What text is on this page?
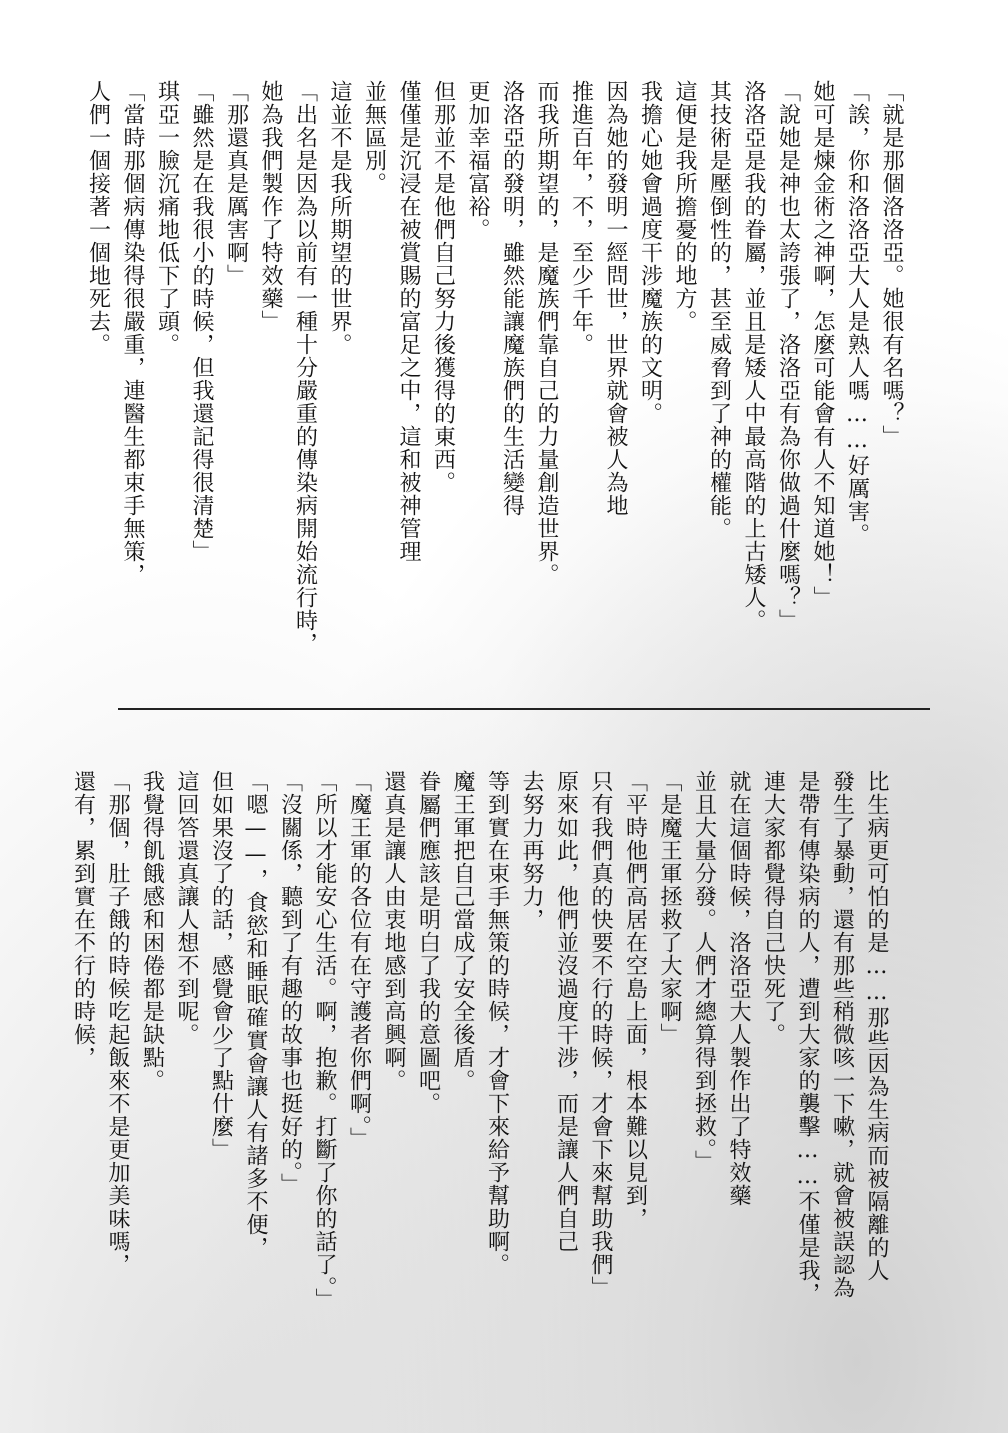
「就是那個洛洛亞。她很有名嗎？」
「誒，你和洛洛亞大人是熟人嗎……好厲害。
她可是煉金術之神啊，怎麼可能會有人不知道她！」
「說她是神也太誇張了，洛洛亞有為你做過什麼嗎？」
洛洛亞是我的眷屬，並且是矮人中最高階的上古矮人。
其技術是壓倒性的，甚至威脅到了神的權能。
這便是我所擔憂的地方。
我擔心她會過度干涉魔族的文明。
因為她的發明一經問世，世界就會被人為地
推進百年，不，至少千年。
而我所期望的，是魔族們靠自己的力量創造世界。
洛洛亞的發明，雖然能讓魔族們的生活變得
更加幸福富裕。
但那並不是他們自己努力後獲得的東西。
僅僅是沉浸在被賞賜的富足之中，這和被神管理
並無區別。
這並不是我所期望的世界。
「出名是因為以前有一種十分嚴重的傳染病開始流行時，
她為我們製作了特效藥」
「那還真是厲害啊」
「雖然是在我很小的時候，但我還記得很清楚」
琪亞一臉沉痛地低下了頭。
「當時那個病傳染得很嚴重，連醫生都束手無策，
人們一個接著一個地死去。
比生病更可怕的是……那些因為生病而被隔離的人
發生了暴動，還有那些稍微咳一下嗽，就會被誤認為
是帶有傳染病的人，遭到大家的襲擊……不僅是我，
連大家都覺得自己快死了。
就在這個時候，洛洛亞大人製作出了特效藥
並且大量分發。人們才總算得到拯救。」
「是魔王軍拯救了大家啊」
「平時他們高居在空島上面，根本難以見到，
只有我們真的快要不行的時候，才會下來幫助我們」
原來如此，他們並沒過度干涉，而是讓人們自己
去努力再努力，
等到實在束手無策的時候，才會下來給予幫助啊。
魔王軍把自己當成了安全後盾。
眷屬們應該是明白了我的意圖吧。
還真是讓人由衷地感到高興啊。
「魔王軍的各位有在守護者你們啊。」
「所以才能安心生活。啊，抱歉。打斷了你的話了。」
「沒關係，聽到了有趣的故事也挺好的。」
「嗯——，食慾和睡眠確實會讓人有諸多不便，
但如果沒了的話，感覺會少了點什麼」
這回答還真讓人想不到呢。
我覺得飢餓感和困倦都是缺點。
「那個，肚子餓的時候吃起飯來不是更加美味嗎，
還有，累到實在不行的時候，
